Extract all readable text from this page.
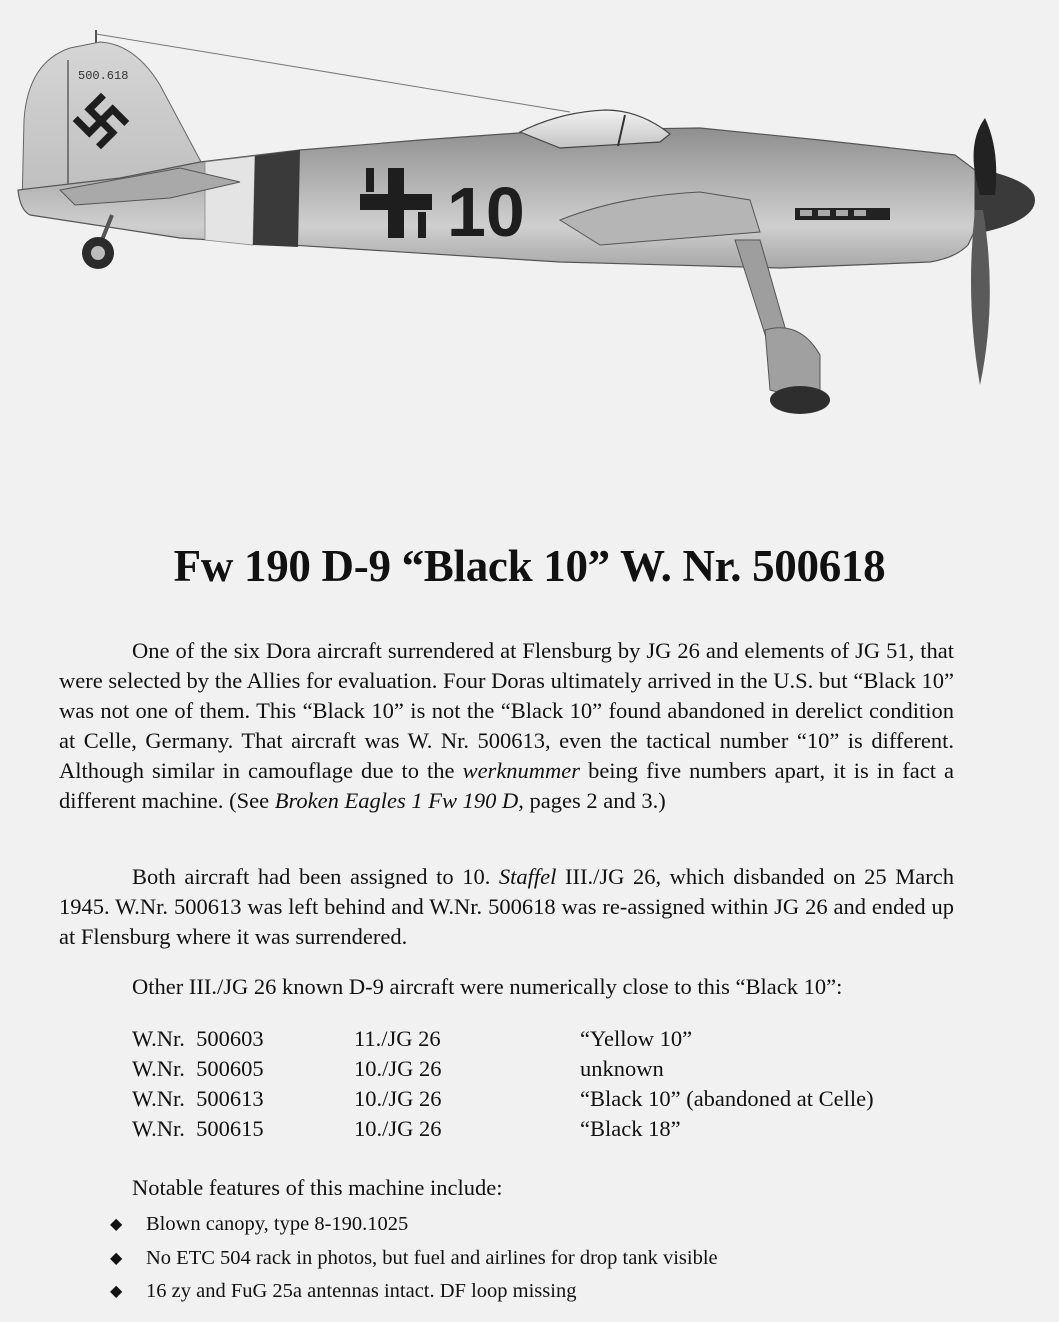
500.618
10
Fw 190 D-9 “Black 10” W. Nr. 500618

One of the six Dora aircraft surrendered at Flensburg by JG 26 and elements of JG 51, that were selected by the Allies for evaluation. Four Doras ultimately arrived in the U.S. but “Black 10” was not one of them. This “Black 10” is not the “Black 10” found abandoned in derelict condition at Celle, Germany. That aircraft was W. Nr. 500613, even the tactical number “10” is different. Although similar in camouflage due to the werknummer being five numbers apart, it is in fact a different machine. (See Broken Eagles 1 Fw 190 D, pages 2 and 3.)

Both aircraft had been assigned to 10. Staffel III./JG 26, which disbanded on 25 March 1945. W.Nr. 500613 was left behind and W.Nr. 500618 was re-assigned within JG 26 and ended up at Flensburg where it was surrendered.

Other III./JG 26 known D-9 aircraft were numerically close to this “Black 10”:

W.Nr.  500603	11./JG 26	“Yellow 10”
W.Nr.  500605	10./JG 26	unknown
W.Nr.  500613	10./JG 26	“Black 10” (abandoned at Celle)
W.Nr.  500615	10./JG 26	“Black 18”

Notable features of this machine include:

◆	Blown canopy, type 8-190.1025
◆	No ETC 504 rack in photos, but fuel and airlines for drop tank visible
◆	16 zy and FuG 25a antennas intact. DF loop missing
